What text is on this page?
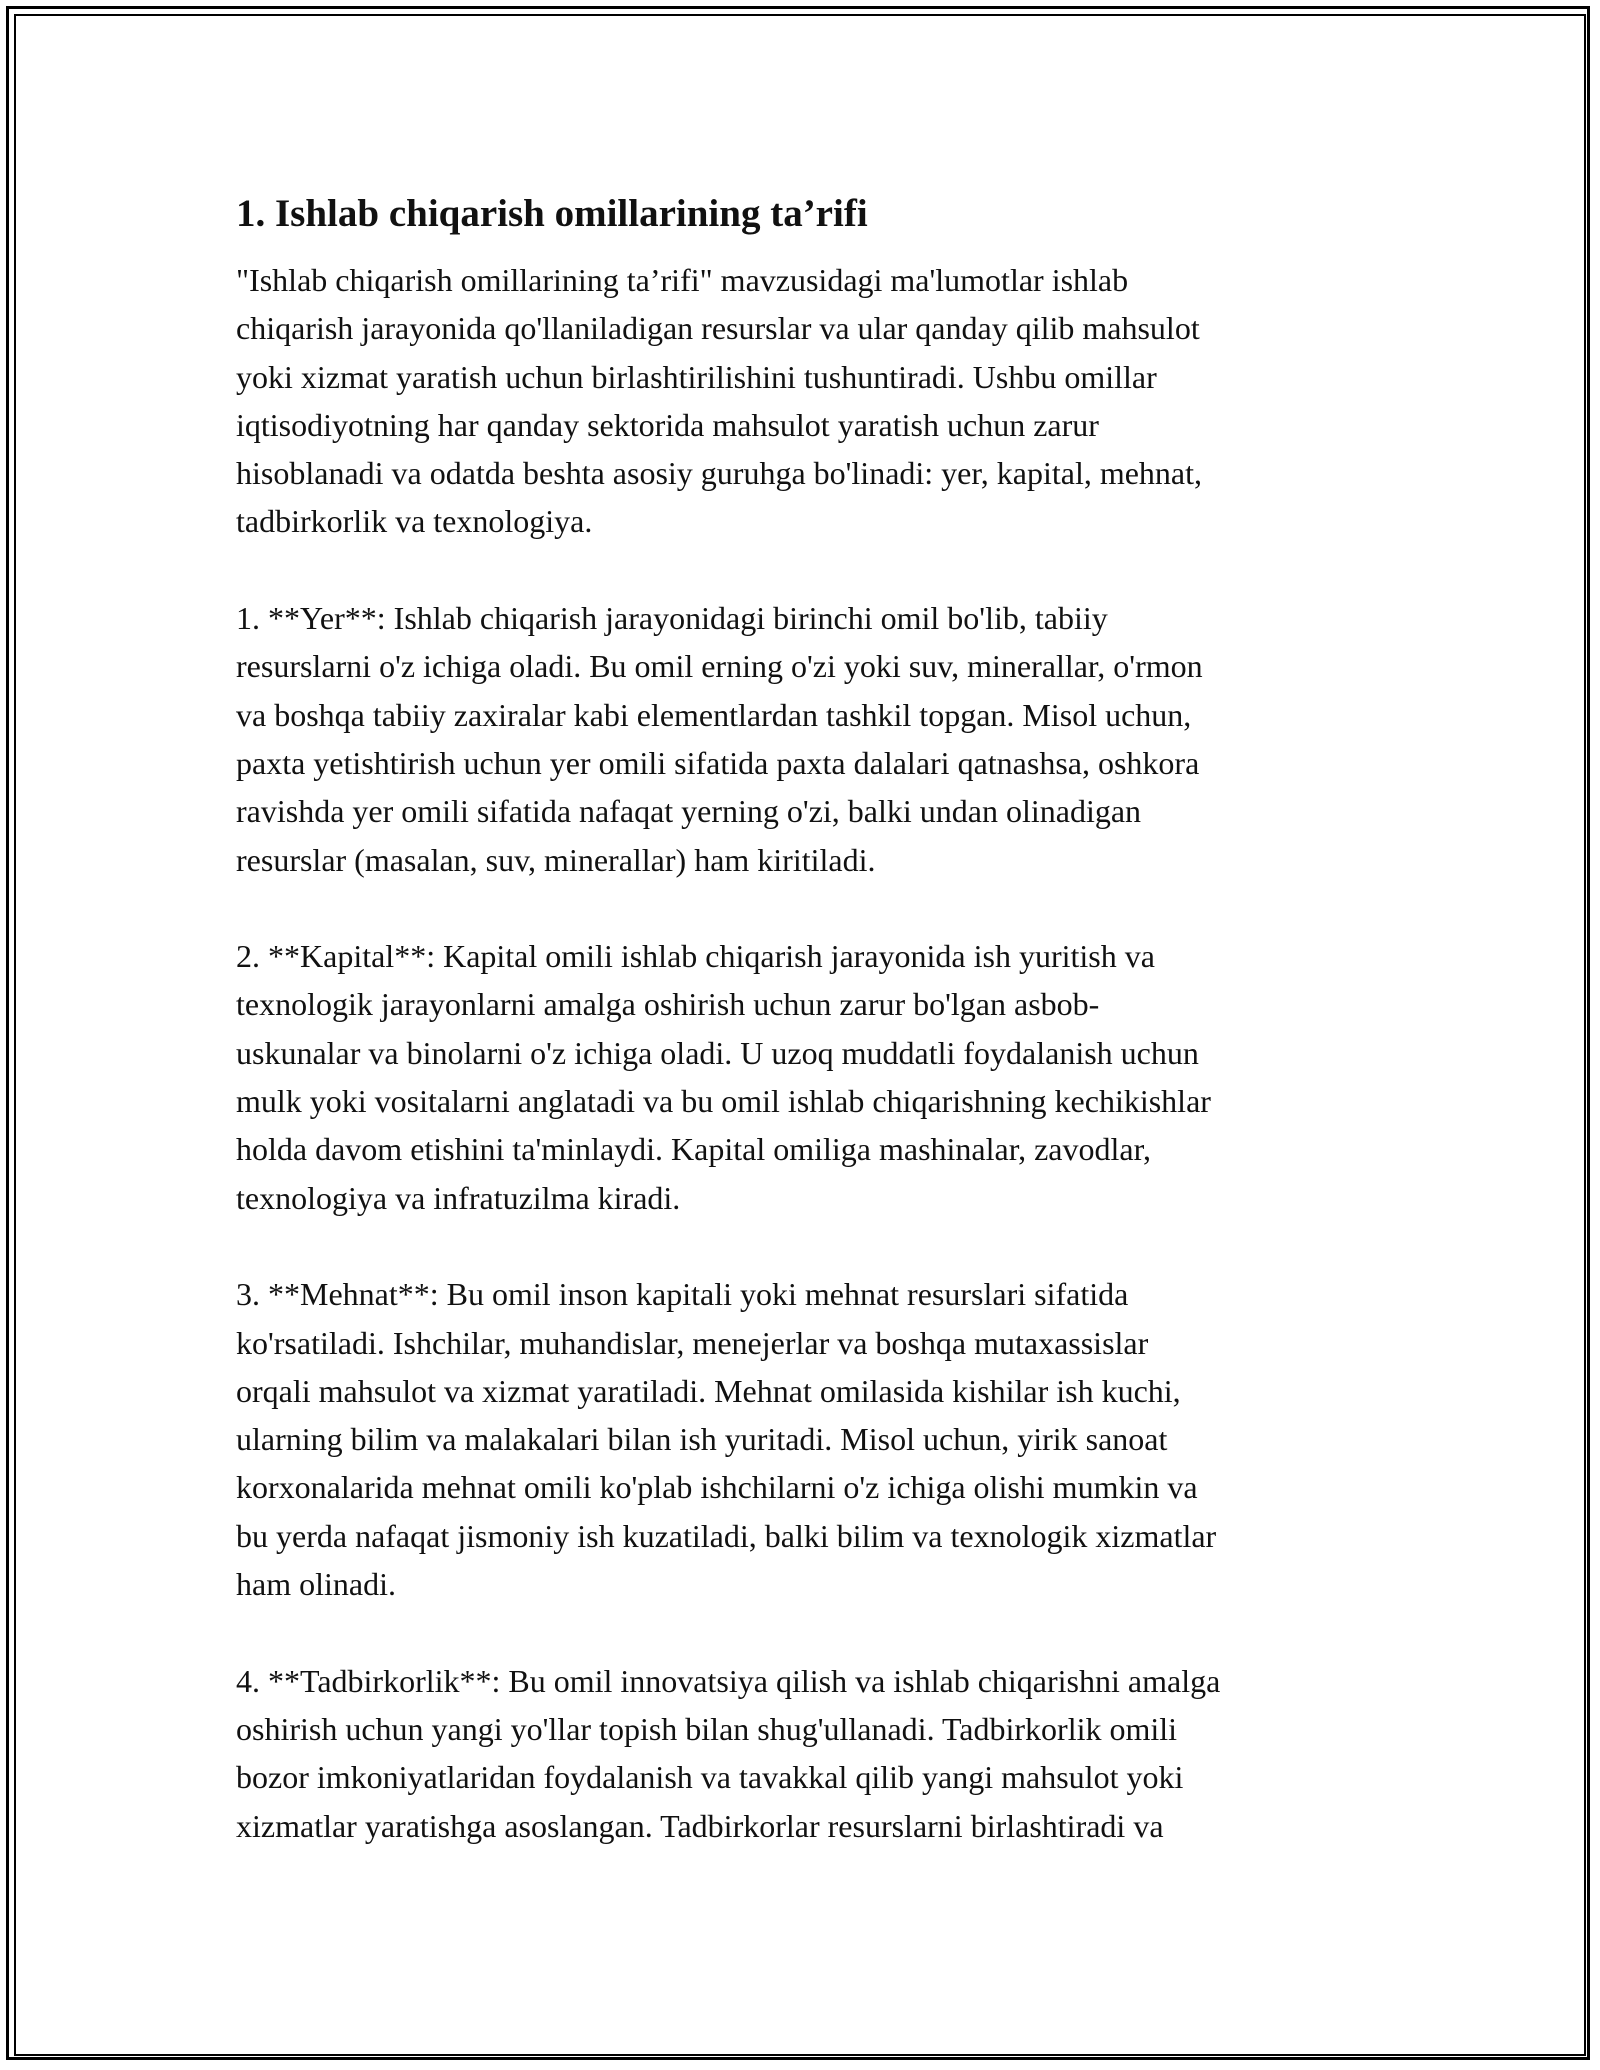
1. Ishlab chiqarish omillarining ta’rifi

"Ishlab chiqarish omillarining ta’rifi" mavzusidagi ma'lumotlar ishlab
chiqarish jarayonida qo'llaniladigan resurslar va ular qanday qilib mahsulot
yoki xizmat yaratish uchun birlashtirilishini tushuntiradi. Ushbu omillar
iqtisodiyotning har qanday sektorida mahsulot yaratish uchun zarur
hisoblanadi va odatda beshta asosiy guruhga bo'linadi: yer, kapital, mehnat,
tadbirkorlik va texnologiya.

1. **Yer**: Ishlab chiqarish jarayonidagi birinchi omil bo'lib, tabiiy
resurslarni o'z ichiga oladi. Bu omil erning o'zi yoki suv, minerallar, o'rmon
va boshqa tabiiy zaxiralar kabi elementlardan tashkil topgan. Misol uchun,
paxta yetishtirish uchun yer omili sifatida paxta dalalari qatnashsa, oshkora
ravishda yer omili sifatida nafaqat yerning o'zi, balki undan olinadigan
resurslar (masalan, suv, minerallar) ham kiritiladi.

2. **Kapital**: Kapital omili ishlab chiqarish jarayonida ish yuritish va
texnologik jarayonlarni amalga oshirish uchun zarur bo'lgan asbob-
uskunalar va binolarni o'z ichiga oladi. U uzoq muddatli foydalanish uchun
mulk yoki vositalarni anglatadi va bu omil ishlab chiqarishning kechikishlar
holda davom etishini ta'minlaydi. Kapital omiliga mashinalar, zavodlar,
texnologiya va infratuzilma kiradi.

3. **Mehnat**: Bu omil inson kapitali yoki mehnat resurslari sifatida
ko'rsatiladi. Ishchilar, muhandislar, menejerlar va boshqa mutaxassislar
orqali mahsulot va xizmat yaratiladi. Mehnat omilasida kishilar ish kuchi,
ularning bilim va malakalari bilan ish yuritadi. Misol uchun, yirik sanoat
korxonalarida mehnat omili ko'plab ishchilarni o'z ichiga olishi mumkin va
bu yerda nafaqat jismoniy ish kuzatiladi, balki bilim va texnologik xizmatlar
ham olinadi.

4. **Tadbirkorlik**: Bu omil innovatsiya qilish va ishlab chiqarishni amalga
oshirish uchun yangi yo'llar topish bilan shug'ullanadi. Tadbirkorlik omili
bozor imkoniyatlaridan foydalanish va tavakkal qilib yangi mahsulot yoki
xizmatlar yaratishga asoslangan. Tadbirkorlar resurslarni birlashtiradi va
